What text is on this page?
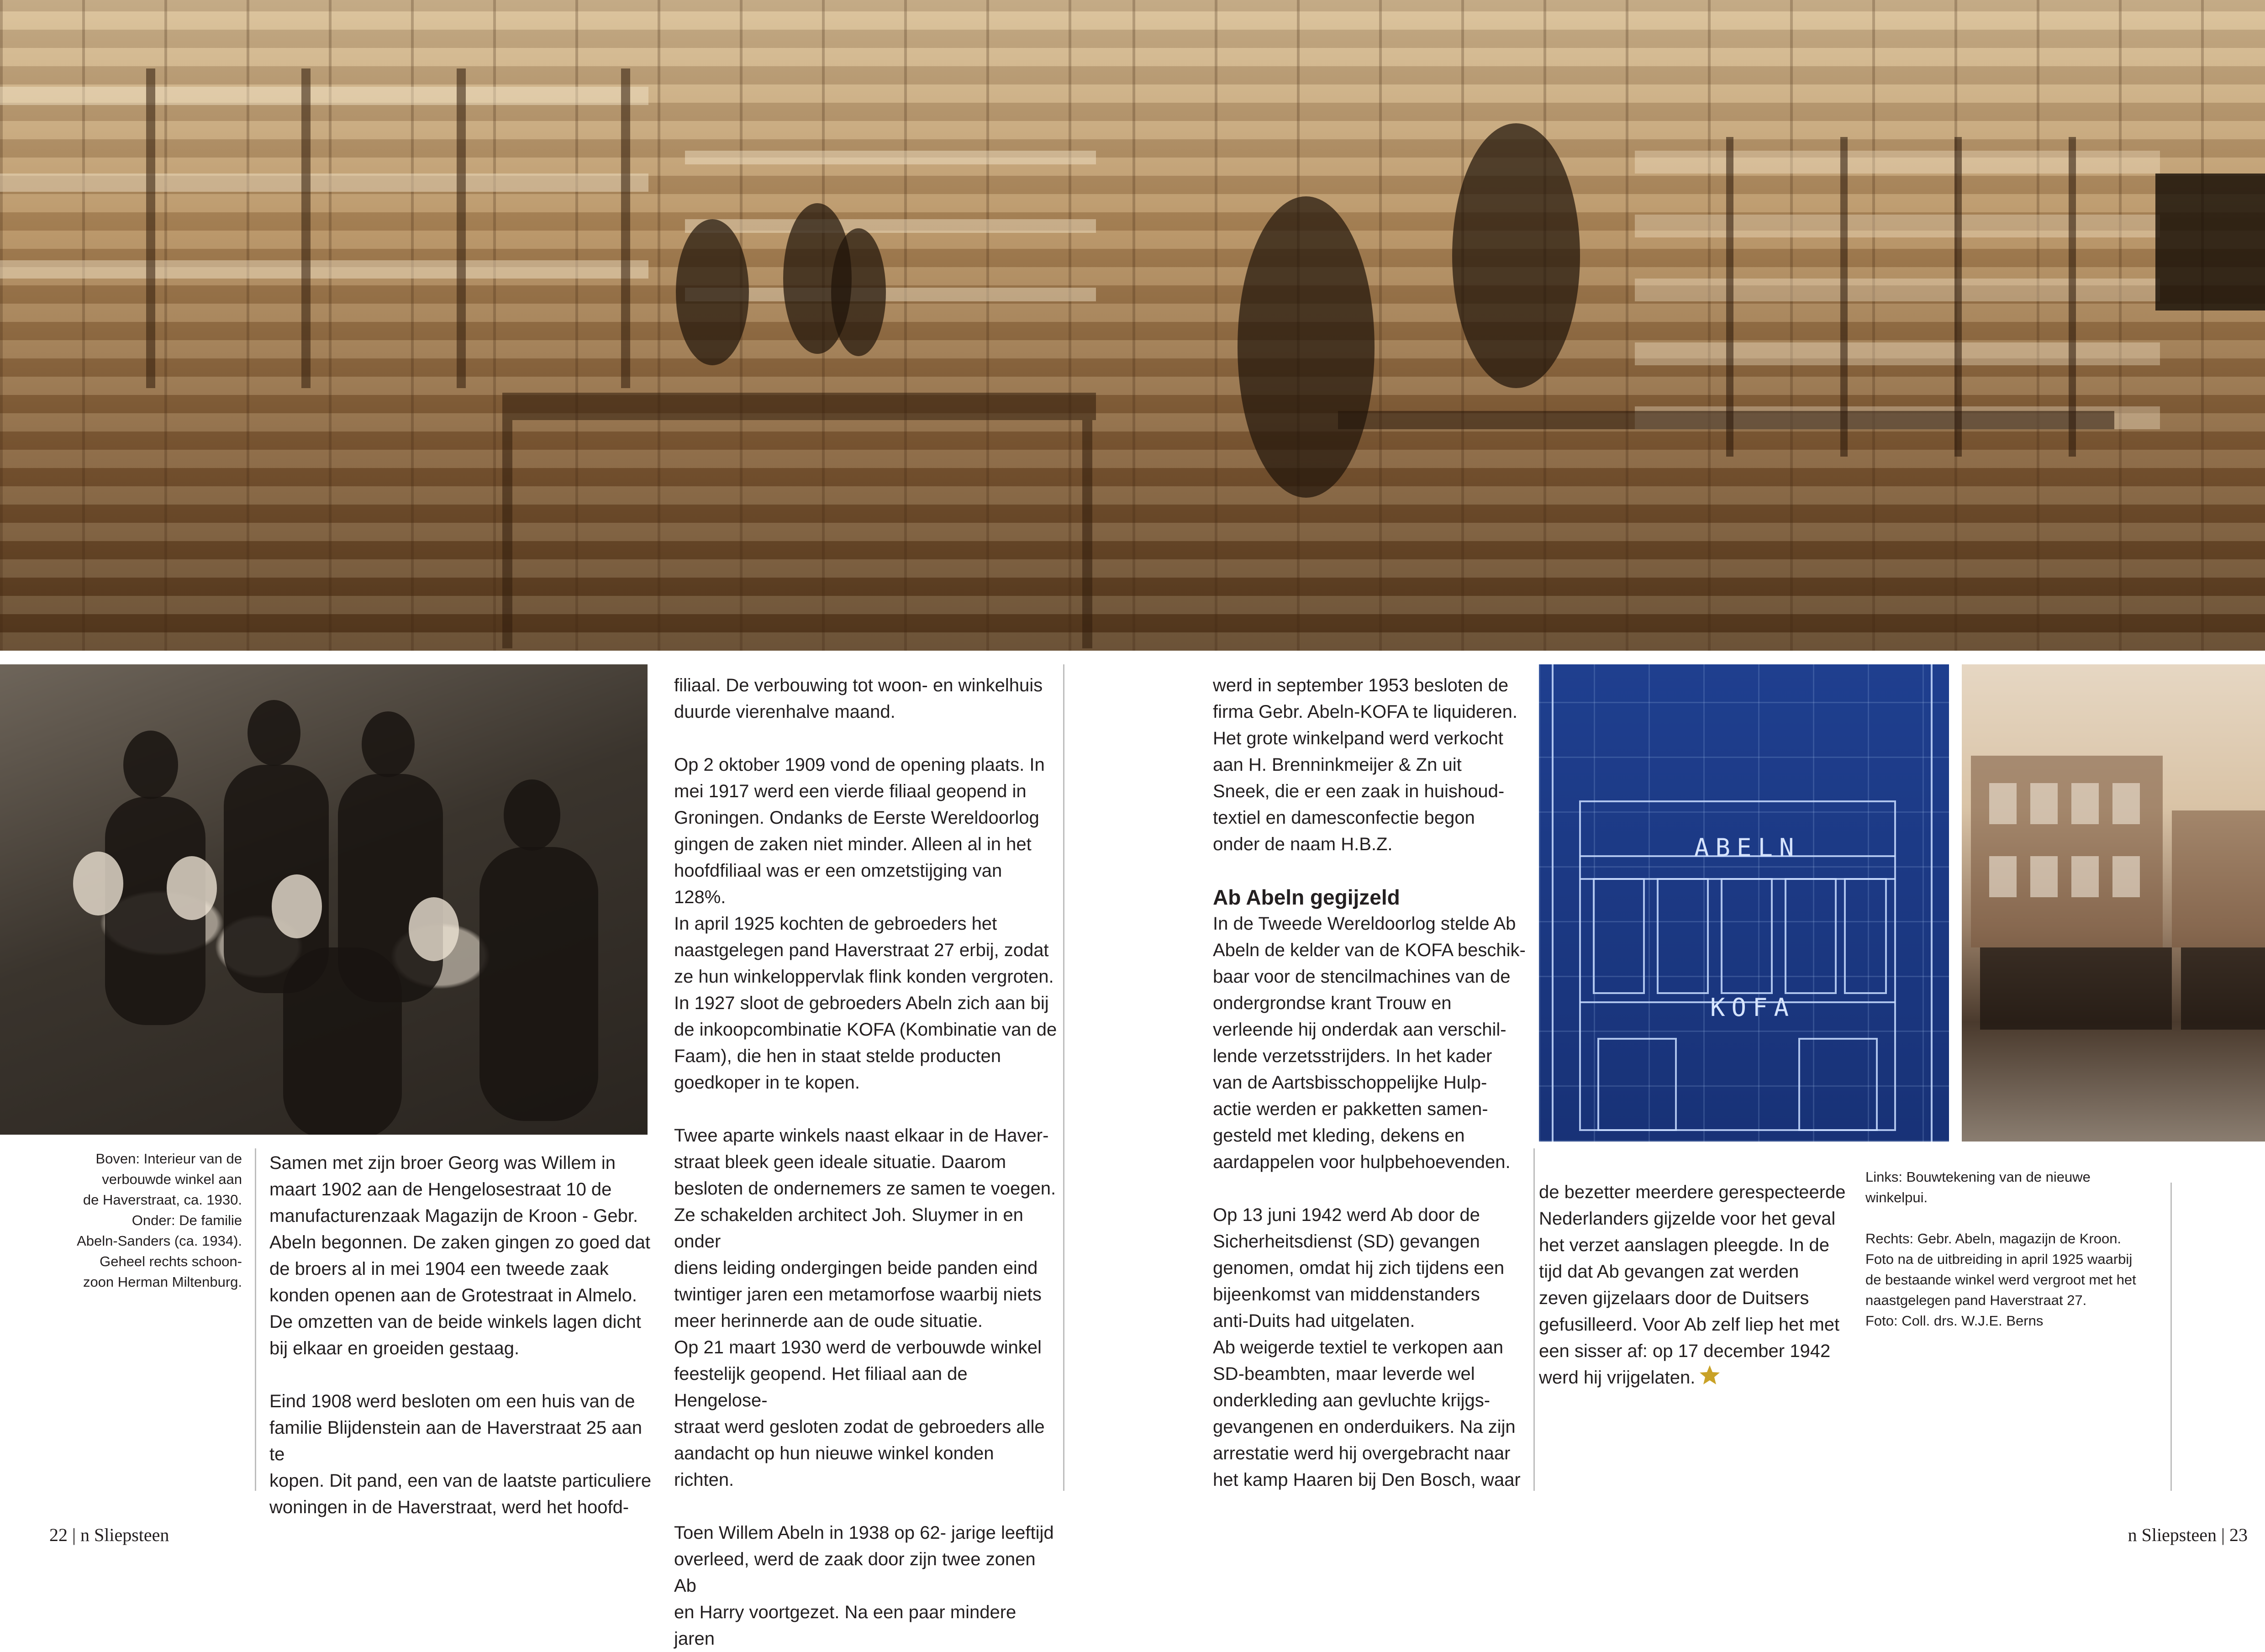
ABELN
KOFA

Boven: Interieur van de
verbouwde winkel aan
de Haverstraat, ca. 1930.
Onder: De familie
Abeln-Sanders (ca. 1934).
Geheel rechts schoon-
zoon Herman Miltenburg.

Samen met zijn broer Georg was Willem in
maart 1902 aan de Hengelosestraat 10 de
manufacturenzaak Magazijn de Kroon - Gebr.
Abeln begonnen. De zaken gingen zo goed dat
de broers al in mei 1904 een tweede zaak
konden openen aan de Grotestraat in Almelo.
De omzetten van de beide winkels lagen dicht
bij elkaar en groeiden gestaag.

Eind 1908 werd besloten om een huis van de
familie Blijdenstein aan de Haverstraat 25 aan te
kopen. Dit pand, een van de laatste particuliere
woningen in de Haverstraat, werd het hoofd-

filiaal. De verbouwing tot woon- en winkelhuis
duurde vierenhalve maand.

Op 2 oktober 1909 vond de opening plaats. In
mei 1917 werd een vierde filiaal geopend in
Groningen. Ondanks de Eerste Wereldoorlog
gingen de zaken niet minder. Alleen al in het
hoofdfiliaal was er een omzetstijging van 128%.
In april 1925 kochten de gebroeders het
naastgelegen pand Haverstraat 27 erbij, zodat
ze hun winkeloppervlak flink konden vergroten.
In 1927 sloot de gebroeders Abeln zich aan bij
de inkoopcombinatie KOFA (Kombinatie van de
Faam), die hen in staat stelde producten
goedkoper in te kopen.

Twee aparte winkels naast elkaar in de Haver-
straat bleek geen ideale situatie. Daarom
besloten de ondernemers ze samen te voegen.
Ze schakelden architect Joh. Sluymer in en onder
diens leiding ondergingen beide panden eind
twintiger jaren een metamorfose waarbij niets
meer herinnerde aan de oude situatie.

Op 21 maart 1930 werd de verbouwde winkel
feestelijk geopend. Het filiaal aan de Hengelose-
straat werd gesloten zodat de gebroeders alle
aandacht op hun nieuwe winkel konden richten.

Toen Willem Abeln in 1938 op 62- jarige leeftijd
overleed, werd de zaak door zijn twee zonen Ab
en Harry voortgezet. Na een paar mindere jaren

werd in september 1953 besloten de
firma Gebr. Abeln-KOFA te liquideren.
Het grote winkelpand werd verkocht
aan H. Brenninkmeijer & Zn uit
Sneek, die er een zaak in huishoud-
textiel en damesconfectie begon
onder de naam H.B.Z.

Ab Abeln gegijzeld

In de Tweede Wereldoorlog stelde Ab
Abeln de kelder van de KOFA beschik-
baar voor de stencilmachines van de
ondergrondse krant Trouw en
verleende hij onderdak aan verschil-
lende verzetsstrijders. In het kader
van de Aartsbisschoppelijke Hulp-
actie werden er pakketten samen-
gesteld met kleding, dekens en
aardappelen voor hulpbehoevenden.

Op 13 juni 1942 werd Ab door de
Sicherheitsdienst (SD) gevangen
genomen, omdat hij zich tijdens een
bijeenkomst van middenstanders
anti-Duits had uitgelaten.

Ab weigerde textiel te verkopen aan
SD-beambten, maar leverde wel
onderkleding aan gevluchte krijgs-
gevangenen en onderduikers. Na zijn
arrestatie werd hij overgebracht naar
het kamp Haaren bij Den Bosch, waar

de bezetter meerdere gerespecteerde
Nederlanders gijzelde voor het geval
het verzet aanslagen pleegde. In de
tijd dat Ab gevangen zat werden
zeven gijzelaars door de Duitsers
gefusilleerd. Voor Ab zelf liep het met
een sisser af: op 17 december 1942
werd hij vrijgelaten.

Links: Bouwtekening van de nieuwe
winkelpui.

Rechts: Gebr. Abeln, magazijn de Kroon.
Foto na de uitbreiding in april 1925 waarbij
de bestaande winkel werd vergroot met het
naastgelegen pand Haverstraat 27.
Foto: Coll. drs. W.J.E. Berns

22 | n Sliepsteen	n Sliepsteen | 23
